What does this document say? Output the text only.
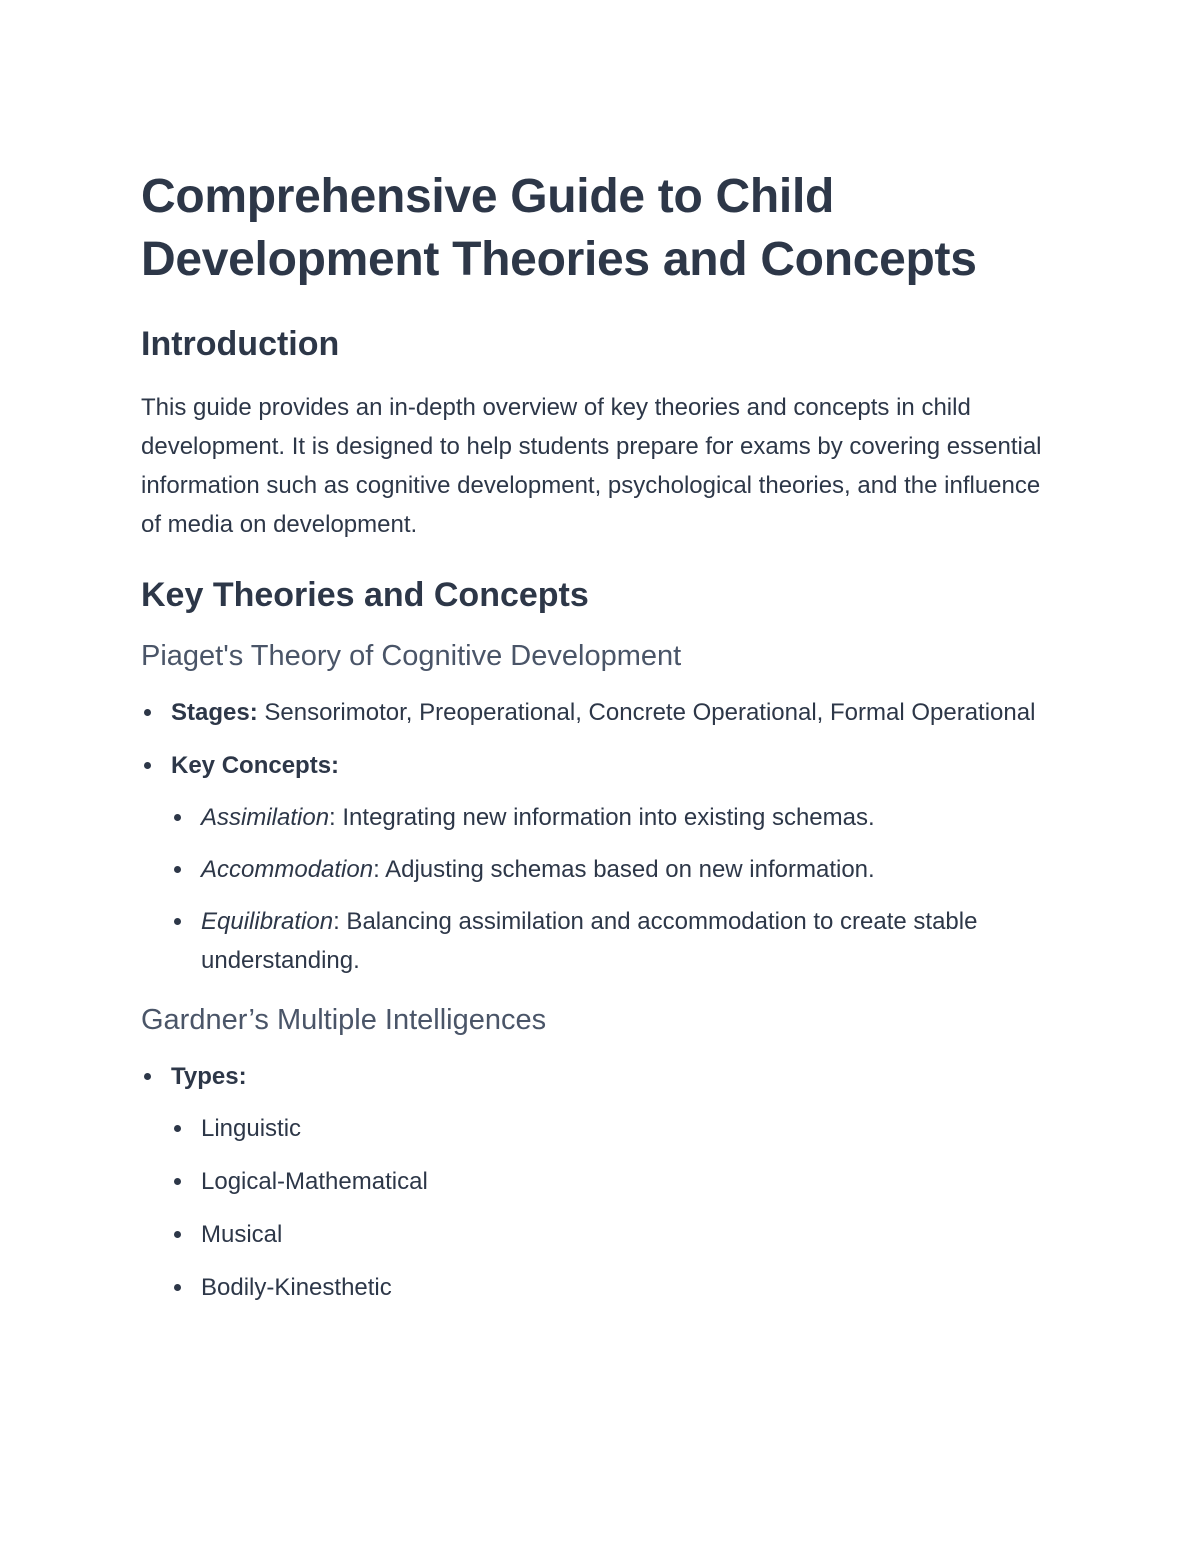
Comprehensive Guide to Child Development Theories and Concepts
Introduction

This guide provides an in-depth overview of key theories and concepts in child development. It is designed to help students prepare for exams by covering essential information such as cognitive development, psychological theories, and the influence of media on development.

Key Theories and Concepts
Piaget's Theory of Cognitive Development
Stages: Sensorimotor, Preoperational, Concrete Operational, Formal Operational
Key Concepts:
Assimilation: Integrating new information into existing schemas.
Accommodation: Adjusting schemas based on new information.
Equilibration: Balancing assimilation and accommodation to create stable understanding.
Gardner’s Multiple Intelligences
Types:
Linguistic
Logical-Mathematical
Musical
Bodily-Kinesthetic
